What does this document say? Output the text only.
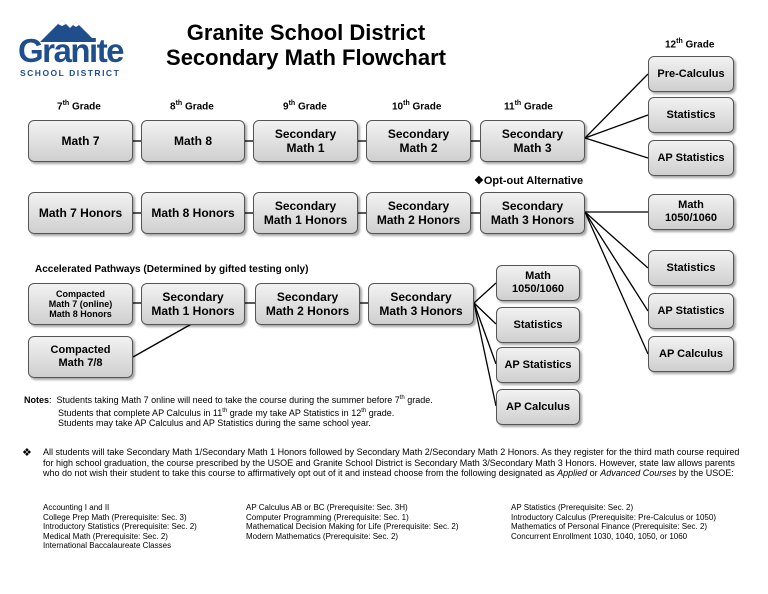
Granite
SCHOOL DISTRICT
Granite School District
Secondary Math Flowchart
7th Grade	8th Grade	9th Grade	10th Grade	11th Grade
12th Grade
Math 7	Math 8	Secondary
Math 1
Secondary
Math 2
Secondary
Math 3
❖Opt-out Alternative
Math 7 Honors	Math 8 Honors	Secondary
Math 1 Honors
Secondary
Math 2 Honors
Secondary
Math 3 Honors
Pre-Calculus
Statistics
AP Statistics
Math
1050/1060
Statistics
AP Statistics
AP Calculus
Accelerated Pathways (Determined by gifted testing only)
Compacted
Math 7 (online)
Math 8 Honors
Secondary
Math 1 Honors
Secondary
Math 2 Honors
Secondary
Math 3 Honors
Compacted
Math 7/8
Math
1050/1060
Statistics
AP Statistics
AP Calculus
Notes:  Students taking Math 7 online will need to take the course during the summer before 7th grade.
Students that complete AP Calculus in 11th grade my take AP Statistics in 12th grade.
Students may take AP Calculus and AP Statistics during the same school year.
❖ All students will take Secondary Math 1/Secondary Math 1 Honors followed by Secondary Math 2/Secondary Math 2 Honors. As they register for the third math course required for high school graduation, the course prescribed by the USOE and Granite School District is Secondary Math 3/Secondary Math 3 Honors. However, state law allows parents who do not wish their student to take this course to affirmatively opt out of it and instead choose from the following designated as Applied or Advanced Courses by the USOE:
Accounting I and II
College Prep Math (Prerequisite: Sec. 3)
Introductory Statistics (Prerequisite: Sec. 2)
Medical Math (Prerequisite: Sec. 2)
International Baccalaureate Classes
AP Calculus AB or BC (Prerequisite: Sec. 3H)
Computer Programming (Prerequisite: Sec. 1)
Mathematical Decision Making for Life (Prerequisite: Sec. 2)
Modern Mathematics (Prerequisite: Sec. 2)
AP Statistics (Prerequisite: Sec. 2)
Introductory Calculus (Prerequisite: Pre-Calculus or 1050)
Mathematics of Personal Finance (Prerequisite: Sec. 2)
Concurrent Enrollment 1030, 1040, 1050, or 1060
